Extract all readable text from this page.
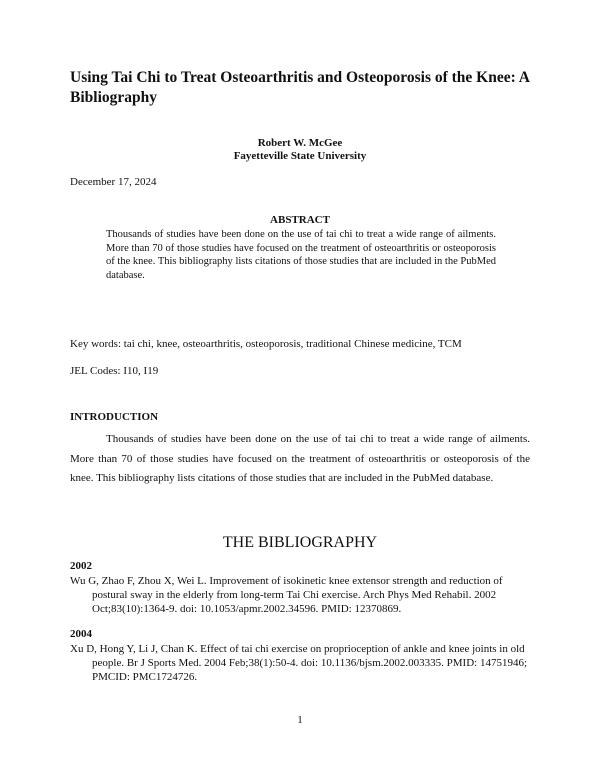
Using Tai Chi to Treat Osteoarthritis and Osteoporosis of the Knee: A Bibliography
Robert W. McGee
Fayetteville State University
December 17, 2024
ABSTRACT
Thousands of studies have been done on the use of tai chi to treat a wide range of ailments. More than 70 of those studies have focused on the treatment of osteoarthritis or osteoporosis of the knee. This bibliography lists citations of those studies that are included in the PubMed database.
Key words: tai chi, knee, osteoarthritis, osteoporosis, traditional Chinese medicine, TCM
JEL Codes: I10, I19
INTRODUCTION
Thousands of studies have been done on the use of tai chi to treat a wide range of ailments. More than 70 of those studies have focused on the treatment of osteoarthritis or osteoporosis of the knee. This bibliography lists citations of those studies that are included in the PubMed database.
THE BIBLIOGRAPHY
2002
Wu G, Zhao F, Zhou X, Wei L. Improvement of isokinetic knee extensor strength and reduction of postural sway in the elderly from long-term Tai Chi exercise. Arch Phys Med Rehabil. 2002 Oct;83(10):1364-9. doi: 10.1053/apmr.2002.34596. PMID: 12370869.
2004
Xu D, Hong Y, Li J, Chan K. Effect of tai chi exercise on proprioception of ankle and knee joints in old people. Br J Sports Med. 2004 Feb;38(1):50-4. doi: 10.1136/bjsm.2002.003335. PMID: 14751946; PMCID: PMC1724726.
1
